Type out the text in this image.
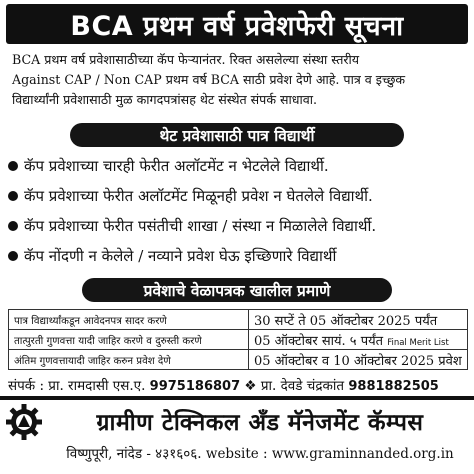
BCA प्रथम वर्ष प्रवेशफेरी सूचना
BCA प्रथम वर्ष प्रवेशासाठीच्या कॅप फेऱ्यानंतर. रिक्त असलेल्या संस्था स्तरीय
Against CAP / Non CAP प्रथम वर्ष BCA साठी प्रवेश देणे आहे. पात्र व इच्छुक
विद्यार्थ्यांनी प्रवेशासाठी मुळ कागदपत्रांसह थेट संस्थेत संपर्क साधावा.
थेट प्रवेशासाठी पात्र विद्यार्थी
कॅप प्रवेशाच्या चारही फेरीत अलॉटमेंट न भेटलेले विद्यार्थी.
कॅप प्रवेशाच्या फेरीत अलॉटमेंट मिळूनही प्रवेश न घेतलेले विद्यार्थी.
कॅप प्रवेशाच्या फेरीत पसंतीची शाखा / संस्था न मिळालेले विद्यार्थी.
कॅप नोंदणी न केलेले / नव्याने प्रवेश घेऊ इच्छिणारे विद्यार्थी
प्रवेशाचे वेळापत्रक खालील प्रमाणे
पात्र विद्यार्थ्यांकडून आवेदनपत्र सादर करणे	30 सप्टें ते 05 ऑक्टोबर 2025 पर्यंत
तात्पुरती गुणवत्ता यादी जाहिर करणे व दुरुस्ती करणे	05 ऑक्टोबर सायं. ५ पर्यंत Final Merit List
अंतिम गुणवत्तायादी जाहिर करुन प्रवेश देणे	05 ऑक्टोबर व 10 ऑक्टोबर 2025 प्रवेश
संपर्क : प्रा. रामदासी एस.ए. 9975186807 ❖ प्रा. देवडे चंद्रकांत 9881882505
ग्रामीण टेक्निकल अँड मॅनेजमेंट कॅम्पस
विष्णुपूरी, नांदेड - ४३१६०६. website : www.graminnanded.org.in
